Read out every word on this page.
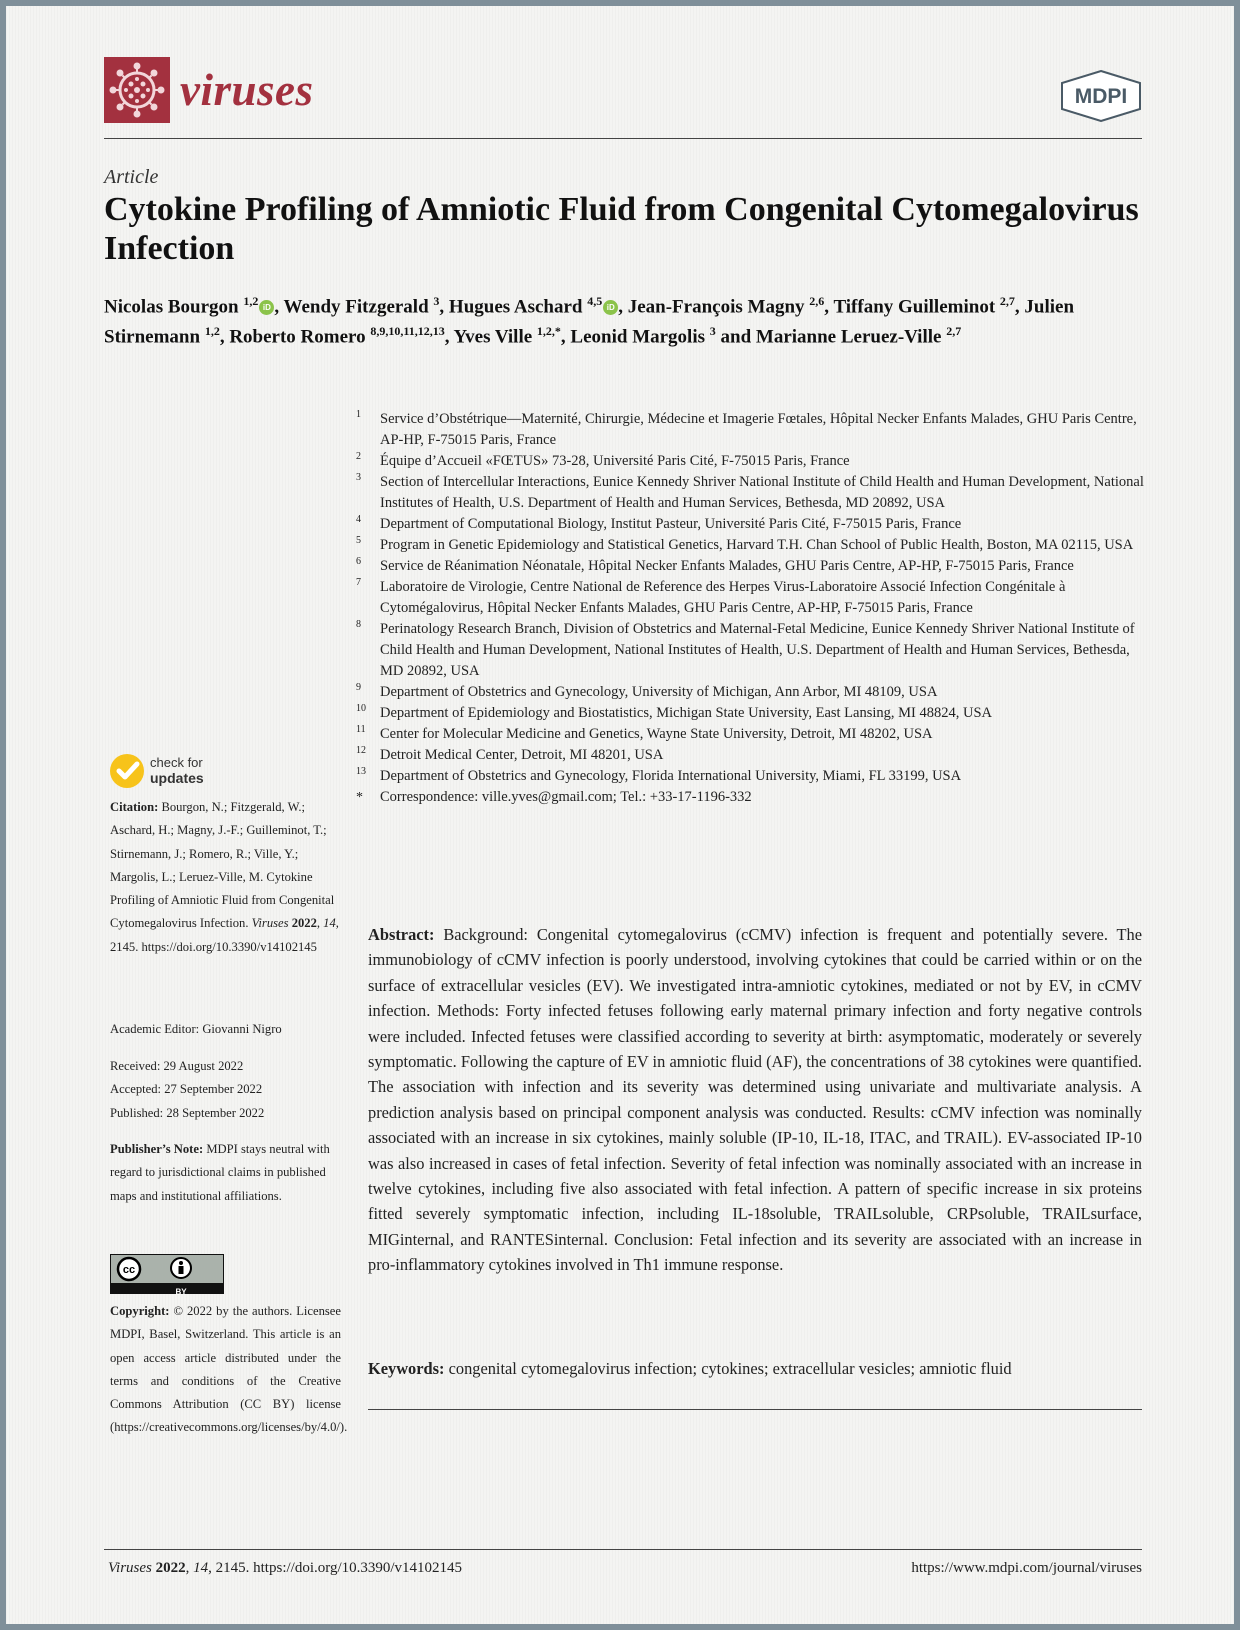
viruses	MDPI
Article
Cytokine Profiling of Amniotic Fluid from Congenital Cytomegalovirus Infection
Nicolas Bourgon $^{1,2}$ iD , Wendy Fitzgerald $^3$, Hugues Aschard $^{4,5}$ iD , Jean-François Magny $^{2,6}$, Tiffany Guilleminot $^{2,7}$, Julien Stirnemann $^{1,2}$, Roberto Romero $^{8,9,10,11,12,13}$, Yves Ville $^{1,2,*}$, Leonid Margolis $^3$ and Marianne Leruez-Ville $^{2,7}$
1 Service d’Obstétrique—Maternité, Chirurgie, Médecine et Imagerie Fœtales, Hôpital Necker Enfants Malades, GHU Paris Centre, AP-HP, F-75015 Paris, France
2 Équipe d’Accueil «FŒTUS» 73-28, Université Paris Cité, F-75015 Paris, France
3 Section of Intercellular Interactions, Eunice Kennedy Shriver National Institute of Child Health and Human Development, National Institutes of Health, U.S. Department of Health and Human Services, Bethesda, MD 20892, USA
4 Department of Computational Biology, Institut Pasteur, Université Paris Cité, F-75015 Paris, France
5 Program in Genetic Epidemiology and Statistical Genetics, Harvard T.H. Chan School of Public Health, Boston, MA 02115, USA
6 Service de Réanimation Néonatale, Hôpital Necker Enfants Malades, GHU Paris Centre, AP-HP, F-75015 Paris, France
7 Laboratoire de Virologie, Centre National de Reference des Herpes Virus-Laboratoire Associé Infection Congénitale à Cytomégalovirus, Hôpital Necker Enfants Malades, GHU Paris Centre, AP-HP, F-75015 Paris, France
8 Perinatology Research Branch, Division of Obstetrics and Maternal-Fetal Medicine, Eunice Kennedy Shriver National Institute of Child Health and Human Development, National Institutes of Health, U.S. Department of Health and Human Services, Bethesda, MD 20892, USA
9 Department of Obstetrics and Gynecology, University of Michigan, Ann Arbor, MI 48109, USA
10 Department of Epidemiology and Biostatistics, Michigan State University, East Lansing, MI 48824, USA
11 Center for Molecular Medicine and Genetics, Wayne State University, Detroit, MI 48202, USA
12 Detroit Medical Center, Detroit, MI 48201, USA
13 Department of Obstetrics and Gynecology, Florida International University, Miami, FL 33199, USA
* Correspondence: ville.yves@gmail.com; Tel.: +33-17-1196-332

Abstract: Background: Congenital cytomegalovirus (cCMV) infection is frequent and potentially severe. The immunobiology of cCMV infection is poorly understood, involving cytokines that could be carried within or on the surface of extracellular vesicles (EV). We investigated intra-amniotic cytokines, mediated or not by EV, in cCMV infection. Methods: Forty infected fetuses following early maternal primary infection and forty negative controls were included. Infected fetuses were classified according to severity at birth: asymptomatic, moderately or severely symptomatic. Following the capture of EV in amniotic fluid (AF), the concentrations of 38 cytokines were quantified. The association with infection and its severity was determined using univariate and multivariate analysis. A prediction analysis based on principal component analysis was conducted. Results: cCMV infection was nominally associated with an increase in six cytokines, mainly soluble (IP-10, IL-18, ITAC, and TRAIL). EV-associated IP-10 was also increased in cases of fetal infection. Severity of fetal infection was nominally associated with an increase in twelve cytokines, including five also associated with fetal infection. A pattern of specific increase in six proteins fitted severely symptomatic infection, including IL-18soluble, TRAILsoluble, CRPsoluble, TRAILsurface, MIGinternal, and RANTESinternal. Conclusion: Fetal infection and its severity are associated with an increase in pro-inflammatory cytokines involved in Th1 immune response.

Keywords: congenital cytomegalovirus infection; cytokines; extracellular vesicles; amniotic fluid

check for
updates
Citation: Bourgon, N.; Fitzgerald, W.; Aschard, H.; Magny, J.-F.; Guilleminot, T.; Stirnemann, J.; Romero, R.; Ville, Y.; Margolis, L.; Leruez-Ville, M. Cytokine Profiling of Amniotic Fluid from Congenital Cytomegalovirus Infection. Viruses 2022, 14, 2145. https://doi.org/10.3390/v14102145
Academic Editor: Giovanni Nigro
Received: 29 August 2022
Accepted: 27 September 2022
Published: 28 September 2022
Publisher’s Note: MDPI stays neutral with regard to jurisdictional claims in published maps and institutional affiliations.
cc
BY
Copyright: © 2022 by the authors. Licensee MDPI, Basel, Switzerland. This article is an open access article distributed under the terms and conditions of the Creative Commons Attribution (CC BY) license (https://creativecommons.org/licenses/by/4.0/).
Viruses 2022, 14, 2145. https://doi.org/10.3390/v14102145	https://www.mdpi.com/journal/viruses
